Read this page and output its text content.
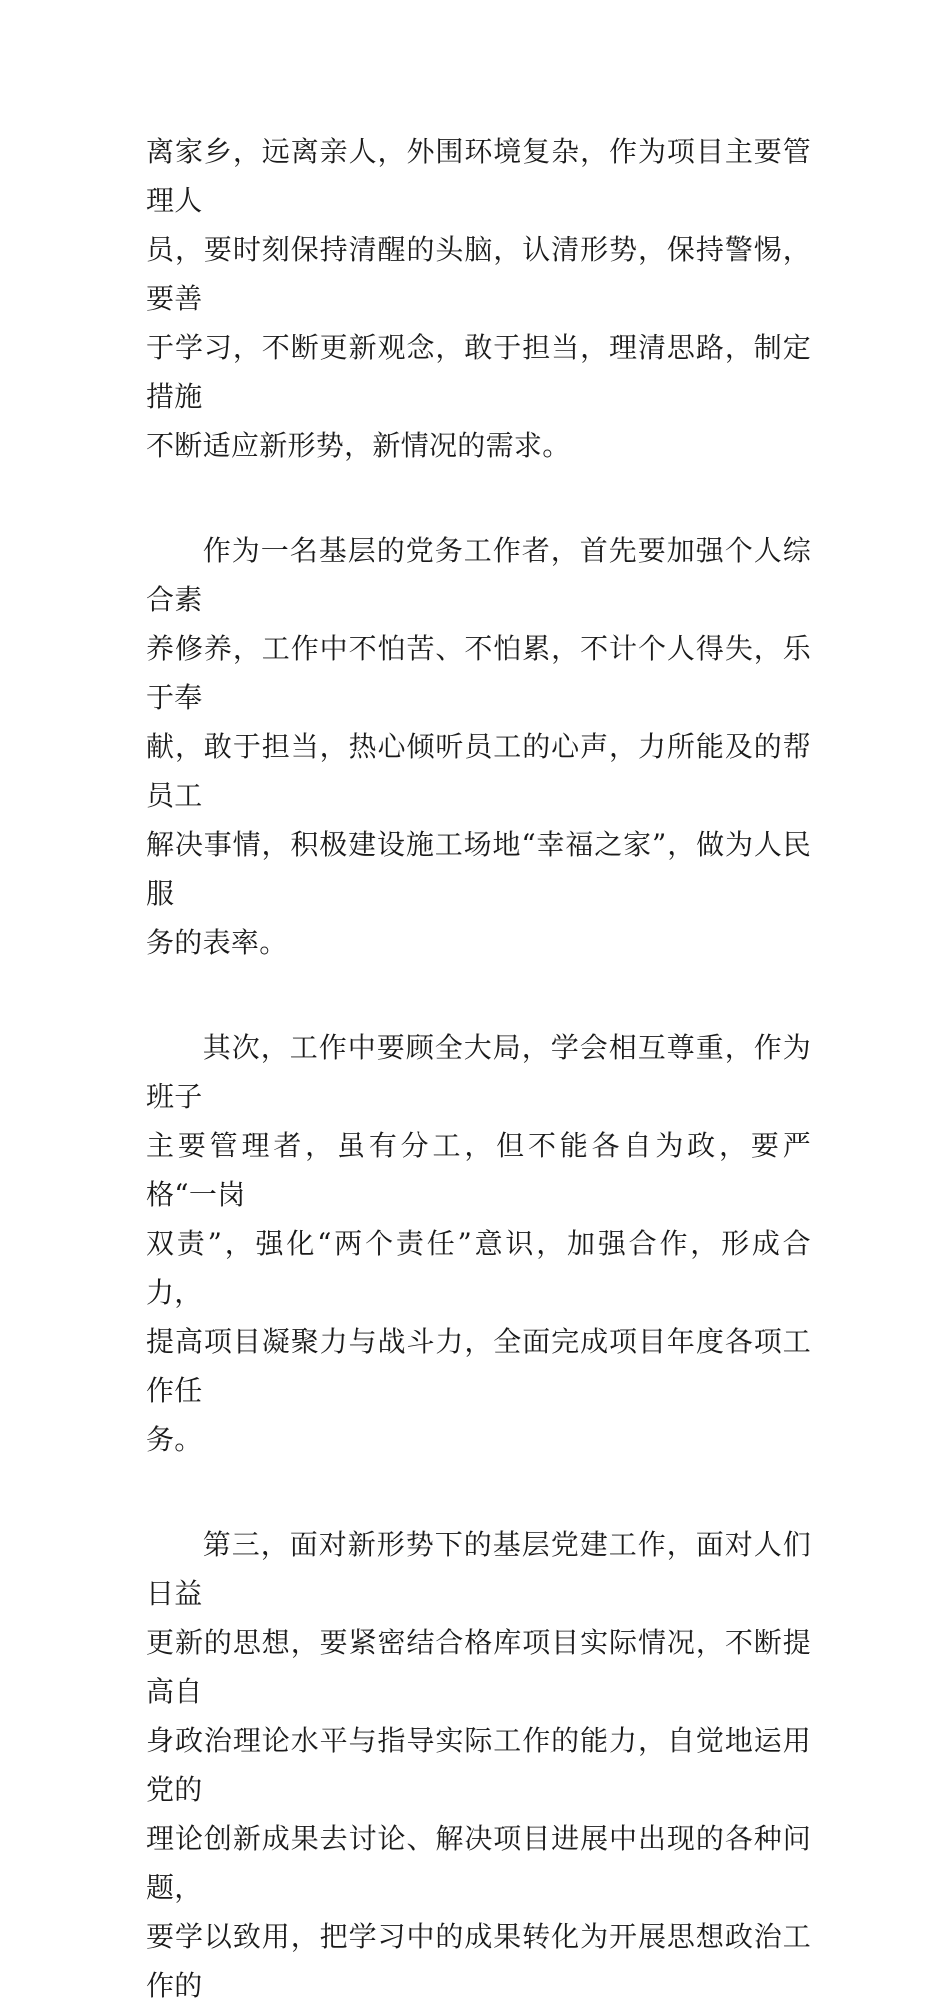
离家乡，远离亲人，外围环境复杂，作为项目主要管理人
员，要时刻保持清醒的头脑，认清形势，保持警惕，要善
于学习，不断更新观念，敢于担当，理清思路，制定措施
不断适应新形势，新情况的需求。

作为一名基层的党务工作者，首先要加强个人综合素
养修养，工作中不怕苦、不怕累，不计个人得失，乐于奉
献，敢于担当，热心倾听员工的心声，力所能及的帮员工
解决事情，积极建设施工场地“幸福之家”，做为人民服
务的表率。

其次，工作中要顾全大局，学会相互尊重，作为班子
主要管理者，虽有分工，但不能各自为政，要严格“一岗
双责”，强化“两个责任”意识，加强合作，形成合力，
提高项目凝聚力与战斗力，全面完成项目年度各项工作任
务。

第三，面对新形势下的基层党建工作，面对人们日益
更新的思想，要紧密结合格库项目实际情况，不断提高自
身政治理论水平与指导实际工作的能力，自觉地运用党的
理论创新成果去讨论、解决项目进展中出现的各种问题，
要学以致用，把学习中的成果转化为开展思想政治工作的
